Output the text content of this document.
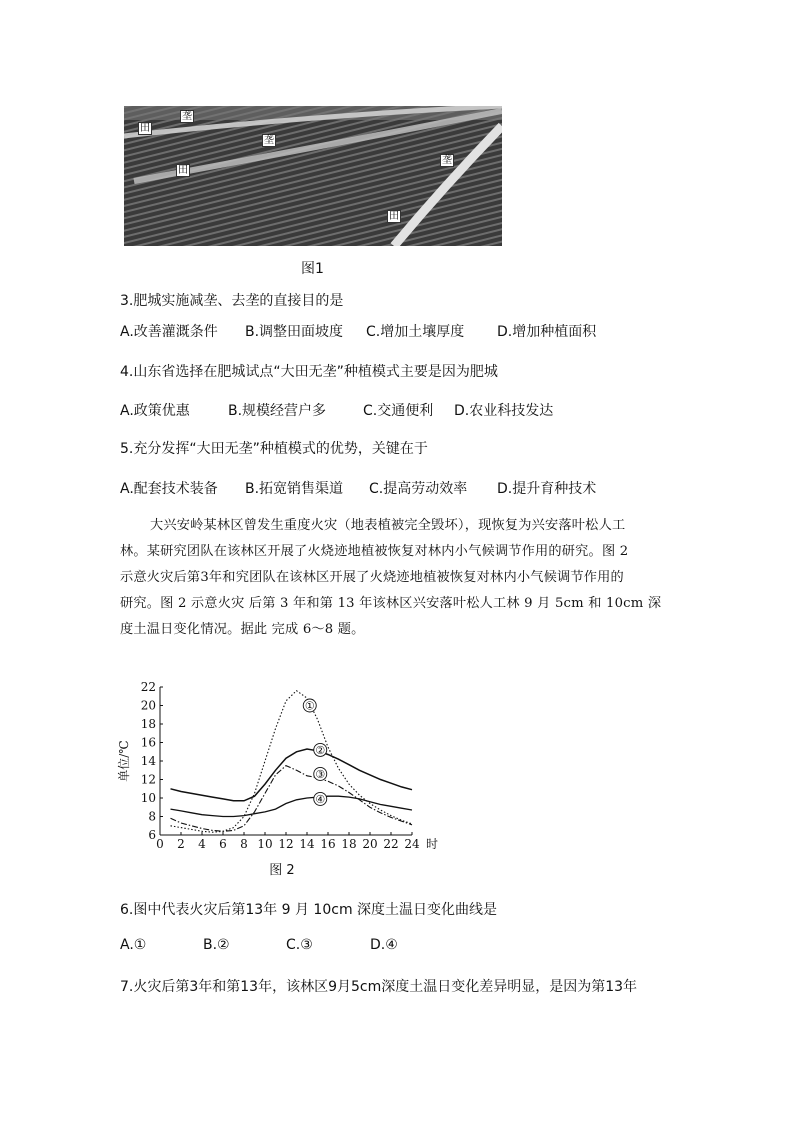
田
垄
垄
田
垄
田
图1
3.肥城实施减垄、去垄的直接目的是
A.改善灌溉条件 B.调整田面坡度 C.增加土壤厚度 D.增加种植面积
4.山东省选择在肥城试点“大田无垄”种植模式主要是因为肥城
A.政策优惠	B.规模经营户多	C.交通便利 D.农业科技发达
5.充分发挥“大田无垄”种植模式的优势，关键在于
A.配套技术装备 B.拓宽销售渠道 C.提高劳动效率 D.提升育种技术

大兴安岭某林区曾发生重度火灾（地表植被完全毁坏），现恢复为兴安落叶松人工

林。某研究团队在该林区开展了火烧迹地植被恢复对林内小气候调节作用的研究。图 2

示意火灾后第3年和究团队在该林区开展了火烧迹地植被恢复对林内小气候调节作用的

研究。图 2 示意火灾 后第 3 年和第 13 年该林区兴安落叶松人工林 9 月 5cm 和 10cm 深

度土温日变化情况。据此 完成 6～8 题。

0 2 4 6 8 10 12 14 16 18 20 22 24 时
6
8
10
12
14
16
18
20
22
单位/℃
①
②
③
④
图 2
6.图中代表火灾后第13年 9 月 10cm 深度土温日变化曲线是
A.①	B.②	C.③	D.④
7.火灾后第3年和第13年，该林区9月5cm深度土温日变化差异明显，是因为第13年
